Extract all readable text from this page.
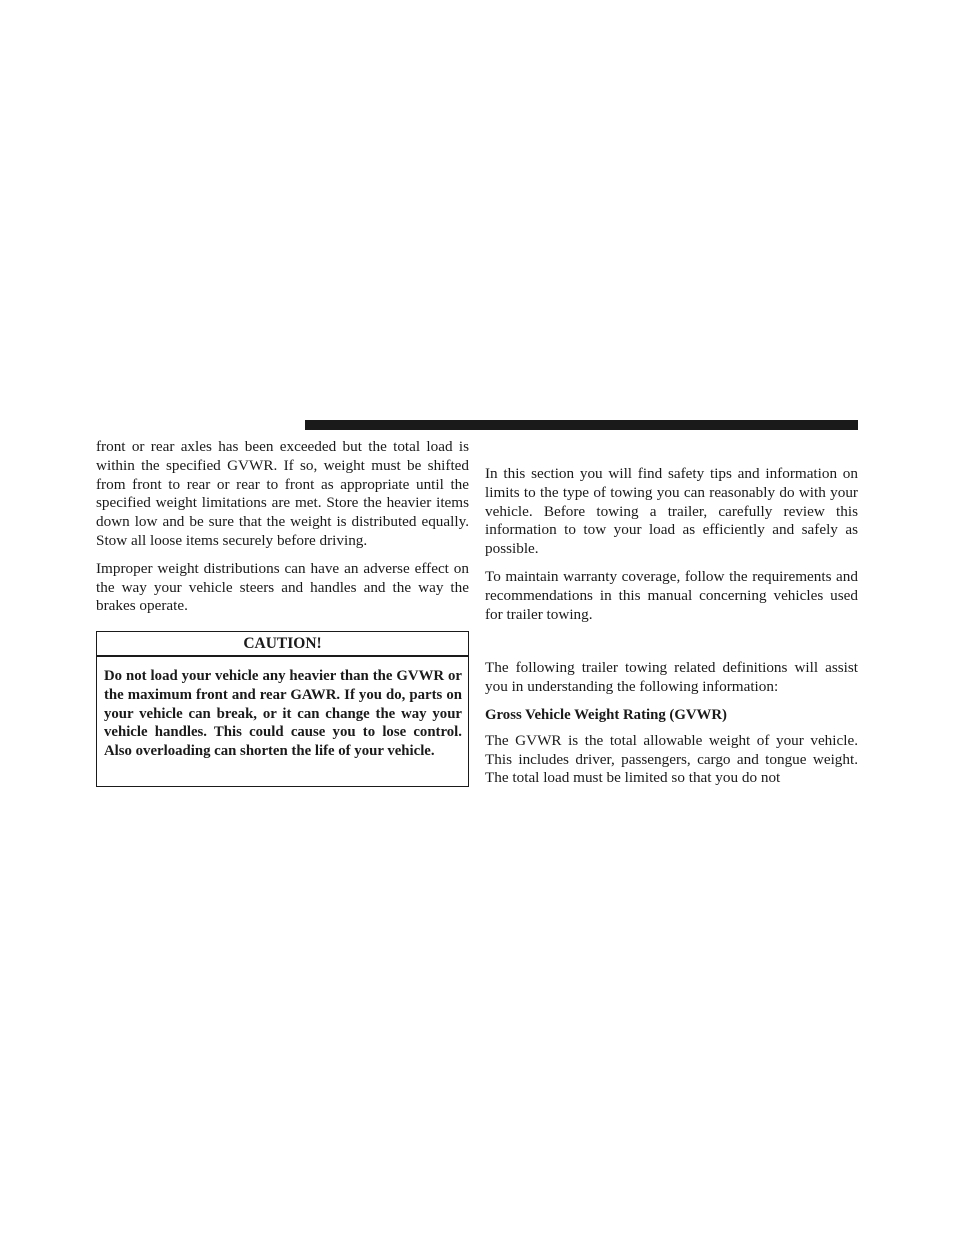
front or rear axles has been exceeded but the total load is within the specified GVWR. If so, weight must be shifted from front to rear or rear to front as appropriate until the specified weight limitations are met. Store the heavier items down low and be sure that the weight is distributed equally. Stow all loose items securely before driving.

Improper weight distributions can have an adverse effect on the way your vehicle steers and handles and the way the brakes operate.

CAUTION!
Do not load your vehicle any heavier than the GVWR or the maximum front and rear GAWR. If you do, parts on your vehicle can break, or it can change the way your vehicle handles. This could cause you to lose control. Also overloading can shorten the life of your vehicle.

In this section you will find safety tips and information on limits to the type of towing you can reasonably do with your vehicle. Before towing a trailer, carefully review this information to tow your load as efficiently and safely as possible.

To maintain warranty coverage, follow the requirements and recommendations in this manual concerning vehicles used for trailer towing.

The following trailer towing related definitions will assist you in understanding the following information:

Gross Vehicle Weight Rating (GVWR)

The GVWR is the total allowable weight of your vehicle. This includes driver, passengers, cargo and tongue weight. The total load must be limited so that you do not
